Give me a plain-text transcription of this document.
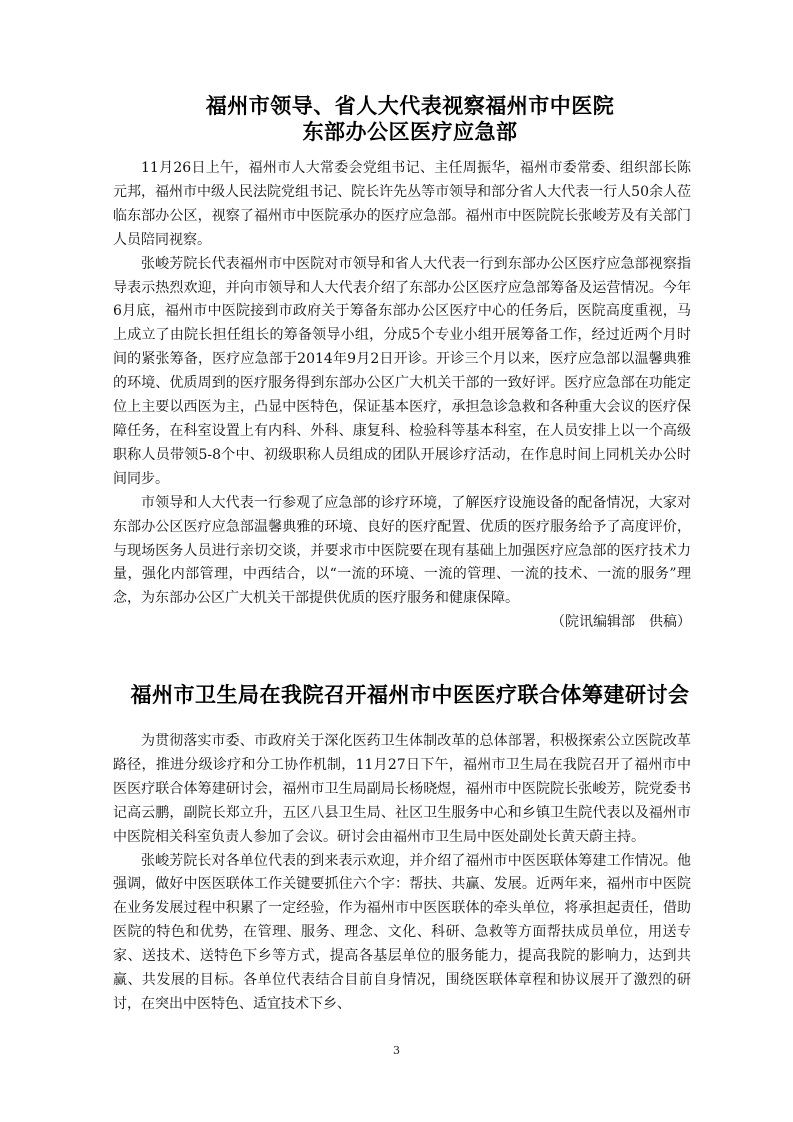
福州市领导、省人大代表视察福州市中医院
东部办公区医疗应急部

11月26日上午，福州市人大常委会党组书记、主任周振华，福州市委常委、组织部长陈元邦，福州市中级人民法院党组书记、院长许先丛等市领导和部分省人大代表一行人50余人莅临东部办公区，视察了福州市中医院承办的医疗应急部。福州市中医院院长张峻芳及有关部门人员陪同视察。

张峻芳院长代表福州市中医院对市领导和省人大代表一行到东部办公区医疗应急部视察指导表示热烈欢迎，并向市领导和人大代表介绍了东部办公区医疗应急部筹备及运营情况。今年6月底，福州市中医院接到市政府关于筹备东部办公区医疗中心的任务后，医院高度重视，马上成立了由院长担任组长的筹备领导小组，分成5个专业小组开展筹备工作，经过近两个月时间的紧张筹备，医疗应急部于2014年9月2日开诊。开诊三个月以来，医疗应急部以温馨典雅的环境、优质周到的医疗服务得到东部办公区广大机关干部的一致好评。医疗应急部在功能定位上主要以西医为主，凸显中医特色，保证基本医疗，承担急诊急救和各种重大会议的医疗保障任务，在科室设置上有内科、外科、康复科、检验科等基本科室，在人员安排上以一个高级职称人员带领5-8个中、初级职称人员组成的团队开展诊疗活动，在作息时间上同机关办公时间同步。

市领导和人大代表一行参观了应急部的诊疗环境，了解医疗设施设备的配备情况，大家对东部办公区医疗应急部温馨典雅的环境、良好的医疗配置、优质的医疗服务给予了高度评价，与现场医务人员进行亲切交谈，并要求市中医院要在现有基础上加强医疗应急部的医疗技术力量，强化内部管理，中西结合，以“一流的环境、一流的管理、一流的技术、一流的服务”理念，为东部办公区广大机关干部提供优质的医疗服务和健康保障。

（院讯编辑部　供稿）

福州市卫生局在我院召开福州市中医医疗联合体筹建研讨会

为贯彻落实市委、市政府关于深化医药卫生体制改革的总体部署，积极探索公立医院改革路径，推进分级诊疗和分工协作机制，11月27日下午，福州市卫生局在我院召开了福州市中医医疗联合体筹建研讨会，福州市卫生局副局长杨晓煜，福州市中医院院长张峻芳，院党委书记高云鹏，副院长郑立升，五区八县卫生局、社区卫生服务中心和乡镇卫生院代表以及福州市中医院相关科室负责人参加了会议。研讨会由福州市卫生局中医处副处长黄天蔚主持。

张峻芳院长对各单位代表的到来表示欢迎，并介绍了福州市中医医联体筹建工作情况。他强调，做好中医医联体工作关键要抓住六个字：帮扶、共赢、发展。近两年来，福州市中医院在业务发展过程中积累了一定经验，作为福州市中医医联体的牵头单位，将承担起责任，借助医院的特色和优势，在管理、服务、理念、文化、科研、急救等方面帮扶成员单位，用送专家、送技术、送特色下乡等方式，提高各基层单位的服务能力，提高我院的影响力，达到共赢、共发展的目标。各单位代表结合目前自身情况，围绕医联体章程和协议展开了激烈的研讨，在突出中医特色、适宜技术下乡、

3
